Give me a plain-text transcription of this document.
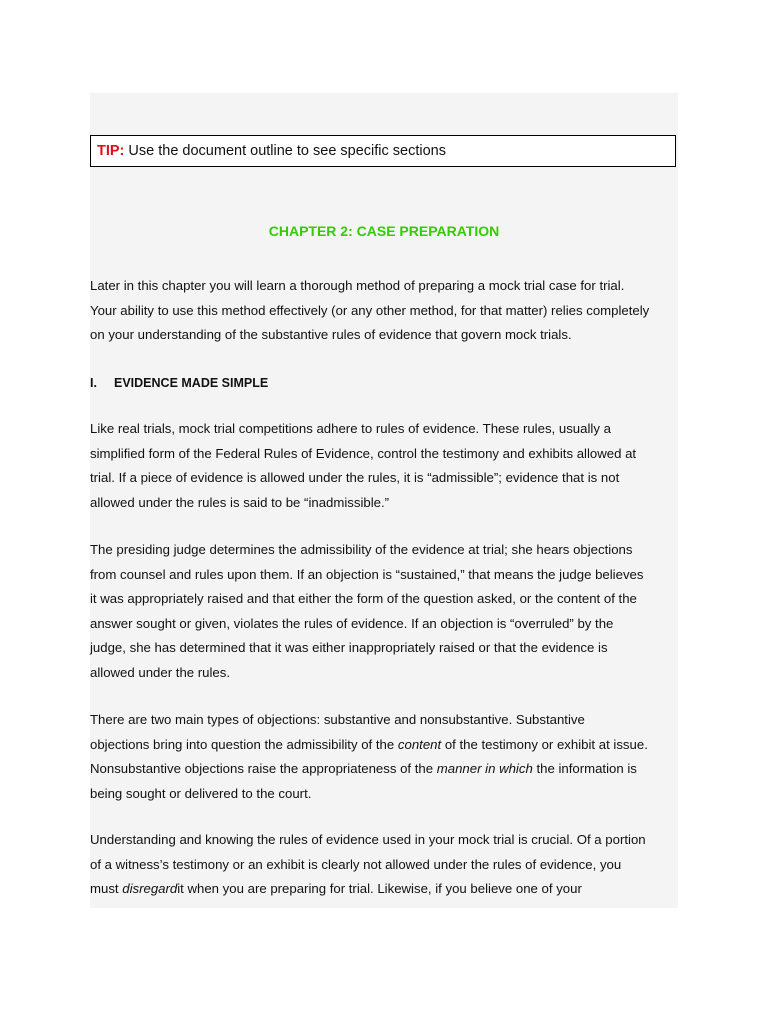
TIP: Use the document outline to see specific sections
CHAPTER 2: CASE PREPARATION

Later in this chapter you will learn a thorough method of preparing a mock trial case for trial.
Your ability to use this method effectively (or any other method, for that matter) relies completely
on your understanding of the substantive rules of evidence that govern mock trials.

I. EVIDENCE MADE SIMPLE

Like real trials, mock trial competitions adhere to rules of evidence. These rules, usually a
simplified form of the Federal Rules of Evidence, control the testimony and exhibits allowed at
trial. If a piece of evidence is allowed under the rules, it is “admissible”; evidence that is not
allowed under the rules is said to be “inadmissible.”

The presiding judge determines the admissibility of the evidence at trial; she hears objections
from counsel and rules upon them. If an objection is “sustained,” that means the judge believes
it was appropriately raised and that either the form of the question asked, or the content of the
answer sought or given, violates the rules of evidence. If an objection is “overruled” by the
judge, she has determined that it was either inappropriately raised or that the evidence is
allowed under the rules.

There are two main types of objections: substantive and nonsubstantive. Substantive
objections bring into question the admissibility of the content of the testimony or exhibit at issue.
Nonsubstantive objections raise the appropriateness of the manner in which the information is
being sought or delivered to the court.

Understanding and knowing the rules of evidence used in your mock trial is crucial. Of a portion
of a witness’s testimony or an exhibit is clearly not allowed under the rules of evidence, you
must disregardit when you are preparing for trial. Likewise, if you believe one of your
